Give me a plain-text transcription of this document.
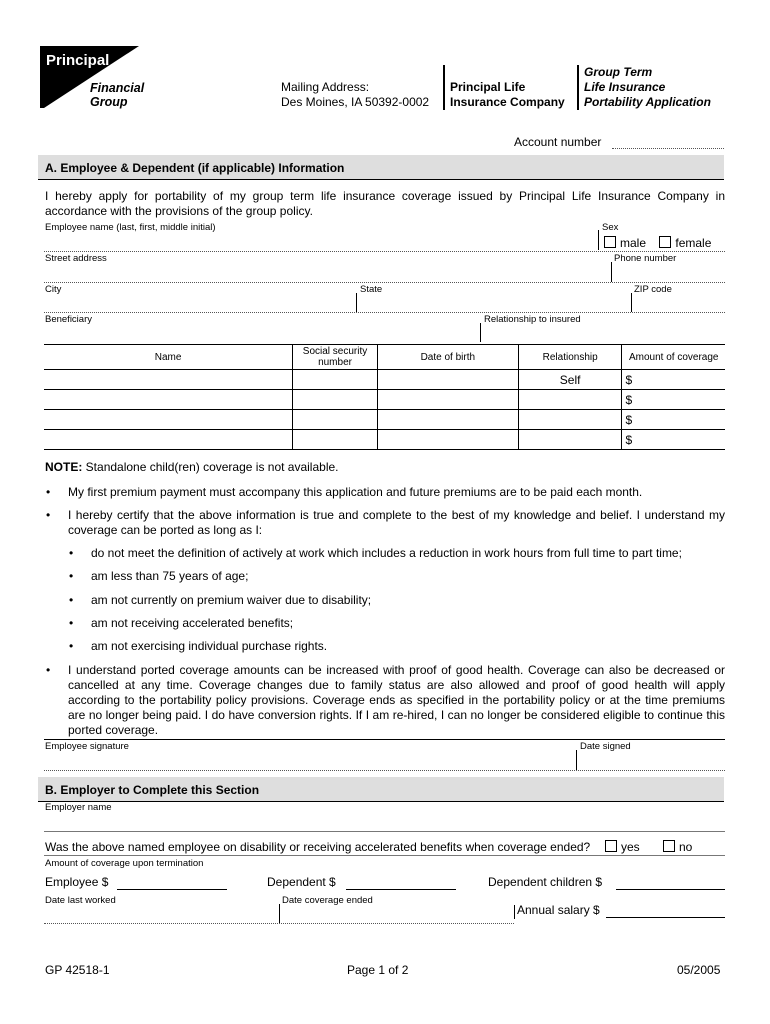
Principal
Financial
Group
Mailing Address:
Des Moines, IA 50392-0002
Principal Life
Insurance Company
Group Term
Life Insurance
Portability Application
Account number
A. Employee & Dependent (if applicable) Information
I hereby apply for portability of my group term life insurance coverage issued by Principal Life Insurance Company in accordance with the provisions of the group policy.
Employee name (last, first, middle initial)	Sex
male female
Street address	Phone number
City	State	ZIP code
Beneficiary	Relationship to insured
Name	Social security number	Date of birth	Relationship	Amount of coverage
			Self	$
				$
				$
				$
NOTE: Standalone child(ren) coverage is not available.
• My first premium payment must accompany this application and future premiums are to be paid each month.
• I hereby certify that the above information is true and complete to the best of my knowledge and belief. I understand my coverage can be ported as long as I:
• do not meet the definition of actively at work which includes a reduction in work hours from full time to part time;
• am less than 75 years of age;
• am not currently on premium waiver due to disability;
• am not receiving accelerated benefits;
• am not exercising individual purchase rights.
• I understand ported coverage amounts can be increased with proof of good health. Coverage can also be decreased or cancelled at any time. Coverage changes due to family status are also allowed and proof of good health will apply according to the portability policy provisions. Coverage ends as specified in the portability policy or at the time premiums are no longer being paid. I do have conversion rights. If I am re-hired, I can no longer be considered eligible to continue this ported coverage.
Employee signature	Date signed
B. Employer to Complete this Section
Employer name
Was the above named employee on disability or receiving accelerated benefits when coverage ended?	yes	no
Amount of coverage upon termination
Employee $	Dependent $	Dependent children $
Date last worked	Date coverage ended
Annual salary $
GP 42518-1	Page 1 of 2	05/2005
